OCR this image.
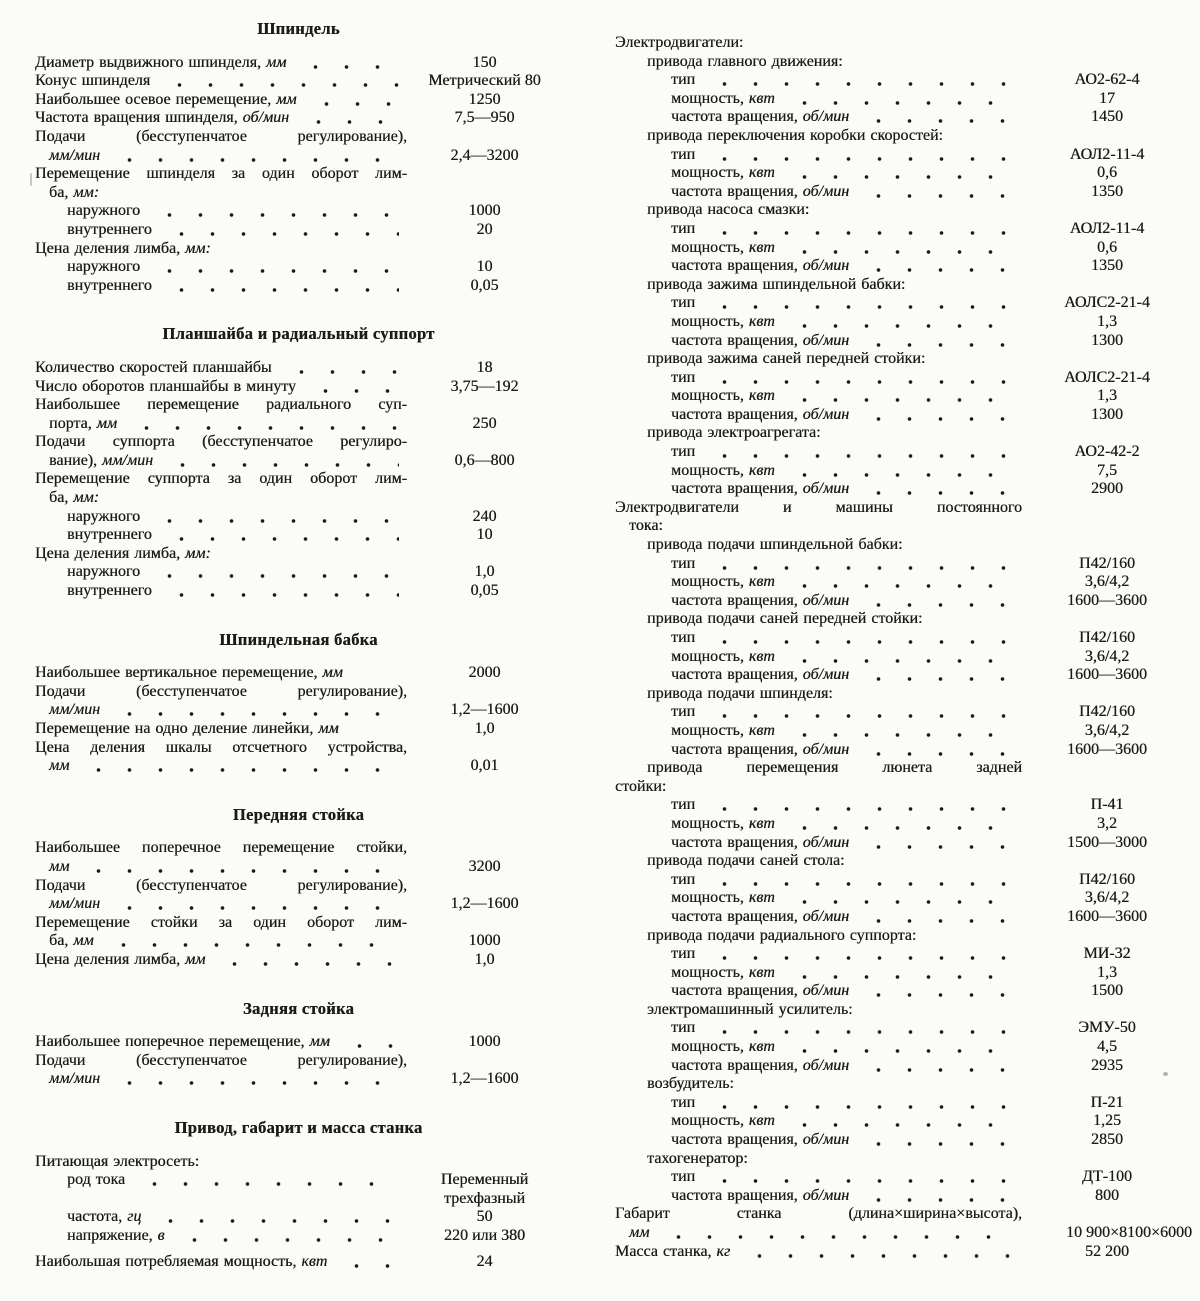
Шпиндель
Диаметр выдвижного шпинделя, мм	150
Конус шпинделя	Метрический 80
Наибольшее осевое перемещение, мм	1250
Частота вращения шпинделя, об/мин	7,5—950
Подачи (бесступенчатое регулирование),
мм/мин	2,4—3200
Перемещение шпинделя за один оборот лим-
ба, мм:
наружного	1000
внутреннего	20
Цена деления лимба, мм:
наружного	10
внутреннего	0,05
Планшайба и радиальный суппорт
Количество скоростей планшайбы	18
Число оборотов планшайбы в минуту	3,75—192
Наибольшее перемещение радиального суп-
порта, мм	250
Подачи суппорта (бесступенчатое регулиро-
вание), мм/мин	0,6—800
Перемещение суппорта за один оборот лим-
ба, мм:
наружного	240
внутреннего	10
Цена деления лимба, мм:
наружного	1,0
внутреннего	0,05
Шпиндельная бабка
Наибольшее вертикальное перемещение, мм	2000
Подачи (бесступенчатое регулирование),
мм/мин	1,2—1600
Перемещение на одно деление линейки, мм	1,0
Цена деления шкалы отсчетного устройства,
мм	0,01
Передняя стойка
Наибольшее поперечное перемещение стойки,
мм	3200
Подачи (бесступенчатое регулирование),
мм/мин	1,2—1600
Перемещение стойки за один оборот лим-
ба, мм	1000
Цена деления лимба, мм	1,0
Задняя стойка
Наибольшее поперечное перемещение, мм	1000
Подачи (бесступенчатое регулирование),
мм/мин	1,2—1600
Привод, габарит и масса станка
Питающая электросеть:
род тока	Переменный трехфазный
частота, гц	50
напряжение, в	220 или 380
Наибольшая потребляемая мощность, квт	24
Электродвигатели:
привода главного движения:
тип	АО2-62-4
мощность, квт	17
частота вращения, об/мин	1450
привода переключения коробки скоростей:
тип	АОЛ2-11-4
мощность, квт	0,6
частота вращения, об/мин	1350
привода насоса смазки:
тип	АОЛ2-11-4
мощность, квт	0,6
частота вращения, об/мин	1350
привода зажима шпиндельной бабки:
тип	АОЛС2-21-4
мощность, квт	1,3
частота вращения, об/мин	1300
привода зажима саней передней стойки:
тип	АОЛС2-21-4
мощность, квт	1,3
частота вращения, об/мин	1300
привода электроагрегата:
тип	АО2-42-2
мощность, квт	7,5
частота вращения, об/мин	2900
Электродвигатели и машины постоянного
тока:
привода подачи шпиндельной бабки:
тип	П42/160
мощность, квт	3,6/4,2
частота вращения, об/мин	1600—3600
привода подачи саней передней стойки:
тип	П42/160
мощность, квт	3,6/4,2
частота вращения, об/мин	1600—3600
привода подачи шпинделя:
тип	П42/160
мощность, квт	3,6/4,2
частота вращения, об/мин	1600—3600
привода перемещения люнета задней
стойки:
тип	П-41
мощность, квт	3,2
частота вращения, об/мин	1500—3000
привода подачи саней стола:
тип	П42/160
мощность, квт	3,6/4,2
частота вращения, об/мин	1600—3600
привода подачи радиального суппорта:
тип	МИ-32
мощность, квт	1,3
частота вращения, об/мин	1500
электромашинный усилитель:
тип	ЭМУ-50
мощность, квт	4,5
частота вращения, об/мин	2935
возбудитель:
тип	П-21
мощность, квт	1,25
частота вращения, об/мин	2850
тахогенератор:
тип	ДТ-100
частота вращения, об/мин	800
Габарит станка (длина×ширина×высота),
мм	10 900×8100×6000
Масса станка, кг	52 200
